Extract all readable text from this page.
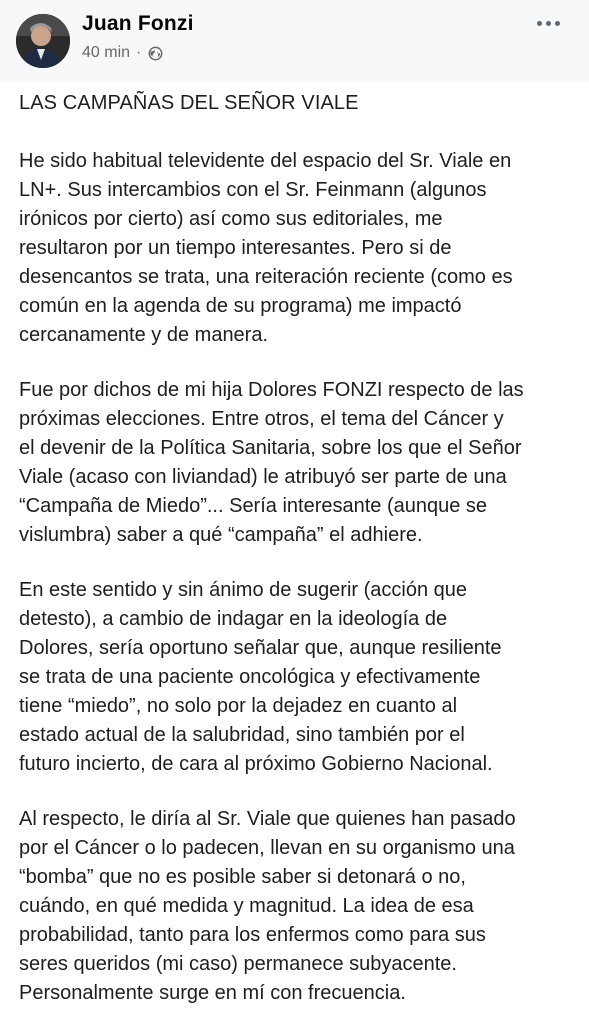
Juan Fonzi
40 min ·

LAS CAMPAÑAS DEL SEÑOR VIALE

He sido habitual televidente del espacio del Sr. Viale en
LN+. Sus intercambios con el Sr. Feinmann (algunos
irónicos por cierto) así como sus editoriales, me
resultaron por un tiempo interesantes. Pero si de
desencantos se trata, una reiteración reciente (como es
común en la agenda de su programa) me impactó
cercanamente y de manera.

Fue por dichos de mi hija Dolores FONZI respecto de las
próximas elecciones. Entre otros, el tema del Cáncer y
el devenir de la Política Sanitaria, sobre los que el Señor
Viale (acaso con liviandad) le atribuyó ser parte de una
“Campaña de Miedo”... Sería interesante (aunque se
vislumbra) saber a qué “campaña” el adhiere.

En este sentido y sin ánimo de sugerir (acción que
detesto), a cambio de indagar en la ideología de
Dolores, sería oportuno señalar que, aunque resiliente
se trata de una paciente oncológica y efectivamente
tiene “miedo”, no solo por la dejadez en cuanto al
estado actual de la salubridad, sino también por el
futuro incierto, de cara al próximo Gobierno Nacional.

Al respecto, le diría al Sr. Viale que quienes han pasado
por el Cáncer o lo padecen, llevan en su organismo una
“bomba” que no es posible saber si detonará o no,
cuándo, en qué medida y magnitud. La idea de esa
probabilidad, tanto para los enfermos como para sus
seres queridos (mi caso) permanece subyacente.
Personalmente surge en mí con frecuencia.
